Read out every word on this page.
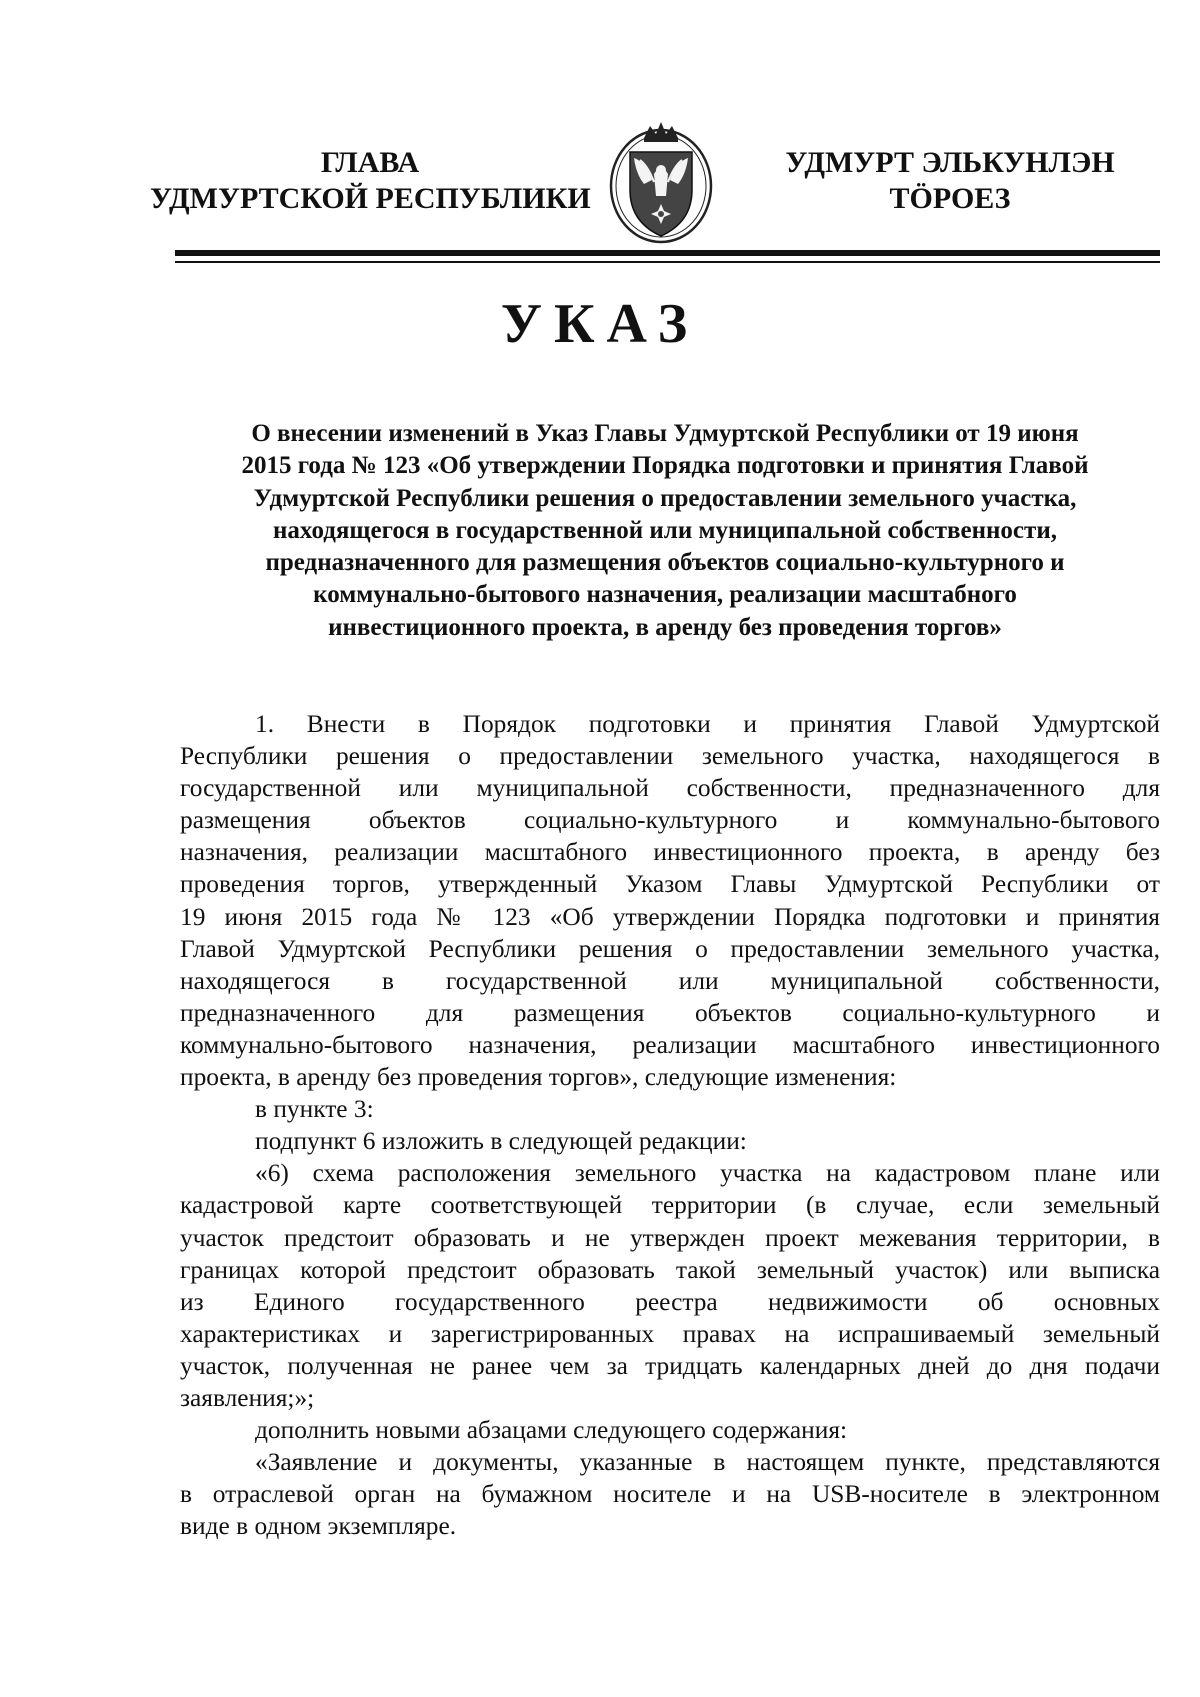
ГЛАВА
УДМУРТСКОЙ РЕСПУБЛИКИ
УДМУРТ ЭЛЬКУНЛЭН
ТӦРОЕЗ
УКАЗ
О внесении изменений в Указ Главы Удмуртской Республики от 19 июня
2015 года № 123 «Об утверждении Порядка подготовки и принятия Главой
Удмуртской Республики решения о предоставлении земельного участка,
находящегося в государственной или муниципальной собственности,
предназначенного для размещения объектов социально-культурного и
коммунально-бытового назначения, реализации масштабного
инвестиционного проекта, в аренду без проведения торгов»
1. Внести в Порядок подготовки и принятия Главой Удмуртской
Республики решения о предоставлении земельного участка, находящегося в
государственной или муниципальной собственности, предназначенного для
размещения объектов социально-культурного и коммунально-бытового
назначения, реализации масштабного инвестиционного проекта, в аренду без
проведения торгов, утвержденный Указом Главы Удмуртской Республики от
19 июня 2015 года № 123 «Об утверждении Порядка подготовки и принятия
Главой Удмуртской Республики решения о предоставлении земельного участка,
находящегося в государственной или муниципальной собственности,
предназначенного для размещения объектов социально-культурного и
коммунально-бытового назначения, реализации масштабного инвестиционного
проекта, в аренду без проведения торгов», следующие изменения:
в пункте 3:
подпункт 6 изложить в следующей редакции:
«6) схема расположения земельного участка на кадастровом плане или
кадастровой карте соответствующей территории (в случае, если земельный
участок предстоит образовать и не утвержден проект межевания территории, в
границах которой предстоит образовать такой земельный участок) или выписка
из Единого государственного реестра недвижимости об основных
характеристиках и зарегистрированных правах на испрашиваемый земельный
участок, полученная не ранее чем за тридцать календарных дней до дня подачи
заявления;»;
дополнить новыми абзацами следующего содержания:
«Заявление и документы, указанные в настоящем пункте, представляются
в отраслевой орган на бумажном носителе и на USB-носителе в электронном
виде в одном экземпляре.
